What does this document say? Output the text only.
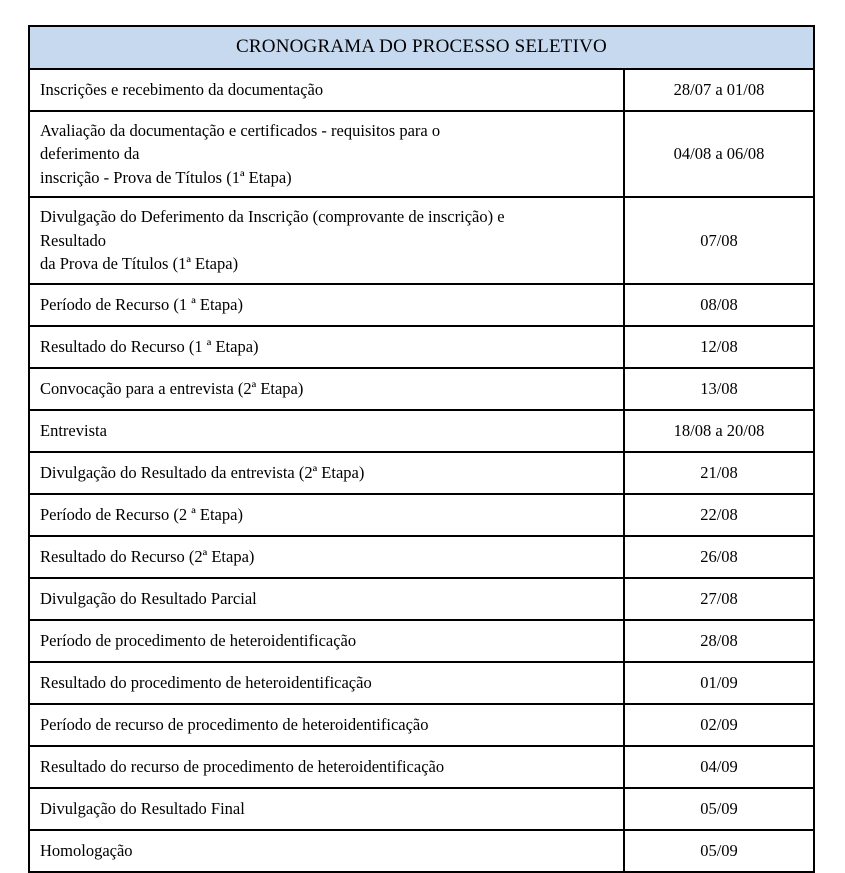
CRONOGRAMA DO PROCESSO SELETIVO	

Inscrições e recebimento da documentação	28/07 a 01/08

Avaliação da documentação e certificados - requisitos para o
deferimento da
inscrição - Prova de Títulos (1ª Etapa)	04/08 a 06/08

Divulgação do Deferimento da Inscrição (comprovante de inscrição) e
Resultado
da Prova de Títulos (1ª Etapa)	07/08

Período de Recurso (1 ª Etapa)	08/08

Resultado do Recurso (1 ª Etapa)	12/08

Convocação para a entrevista (2ª Etapa)	13/08

Entrevista	18/08 a 20/08

Divulgação do Resultado da entrevista (2ª Etapa)	21/08

Período de Recurso (2 ª Etapa)	22/08

Resultado do Recurso (2ª Etapa)	26/08

Divulgação do Resultado Parcial	27/08

Período de procedimento de heteroidentificação	28/08

Resultado do procedimento de heteroidentificação	01/09

Período de recurso de procedimento de heteroidentificação	02/09

Resultado do recurso de procedimento de heteroidentificação	04/09

Divulgação do Resultado Final	05/09

Homologação	05/09
